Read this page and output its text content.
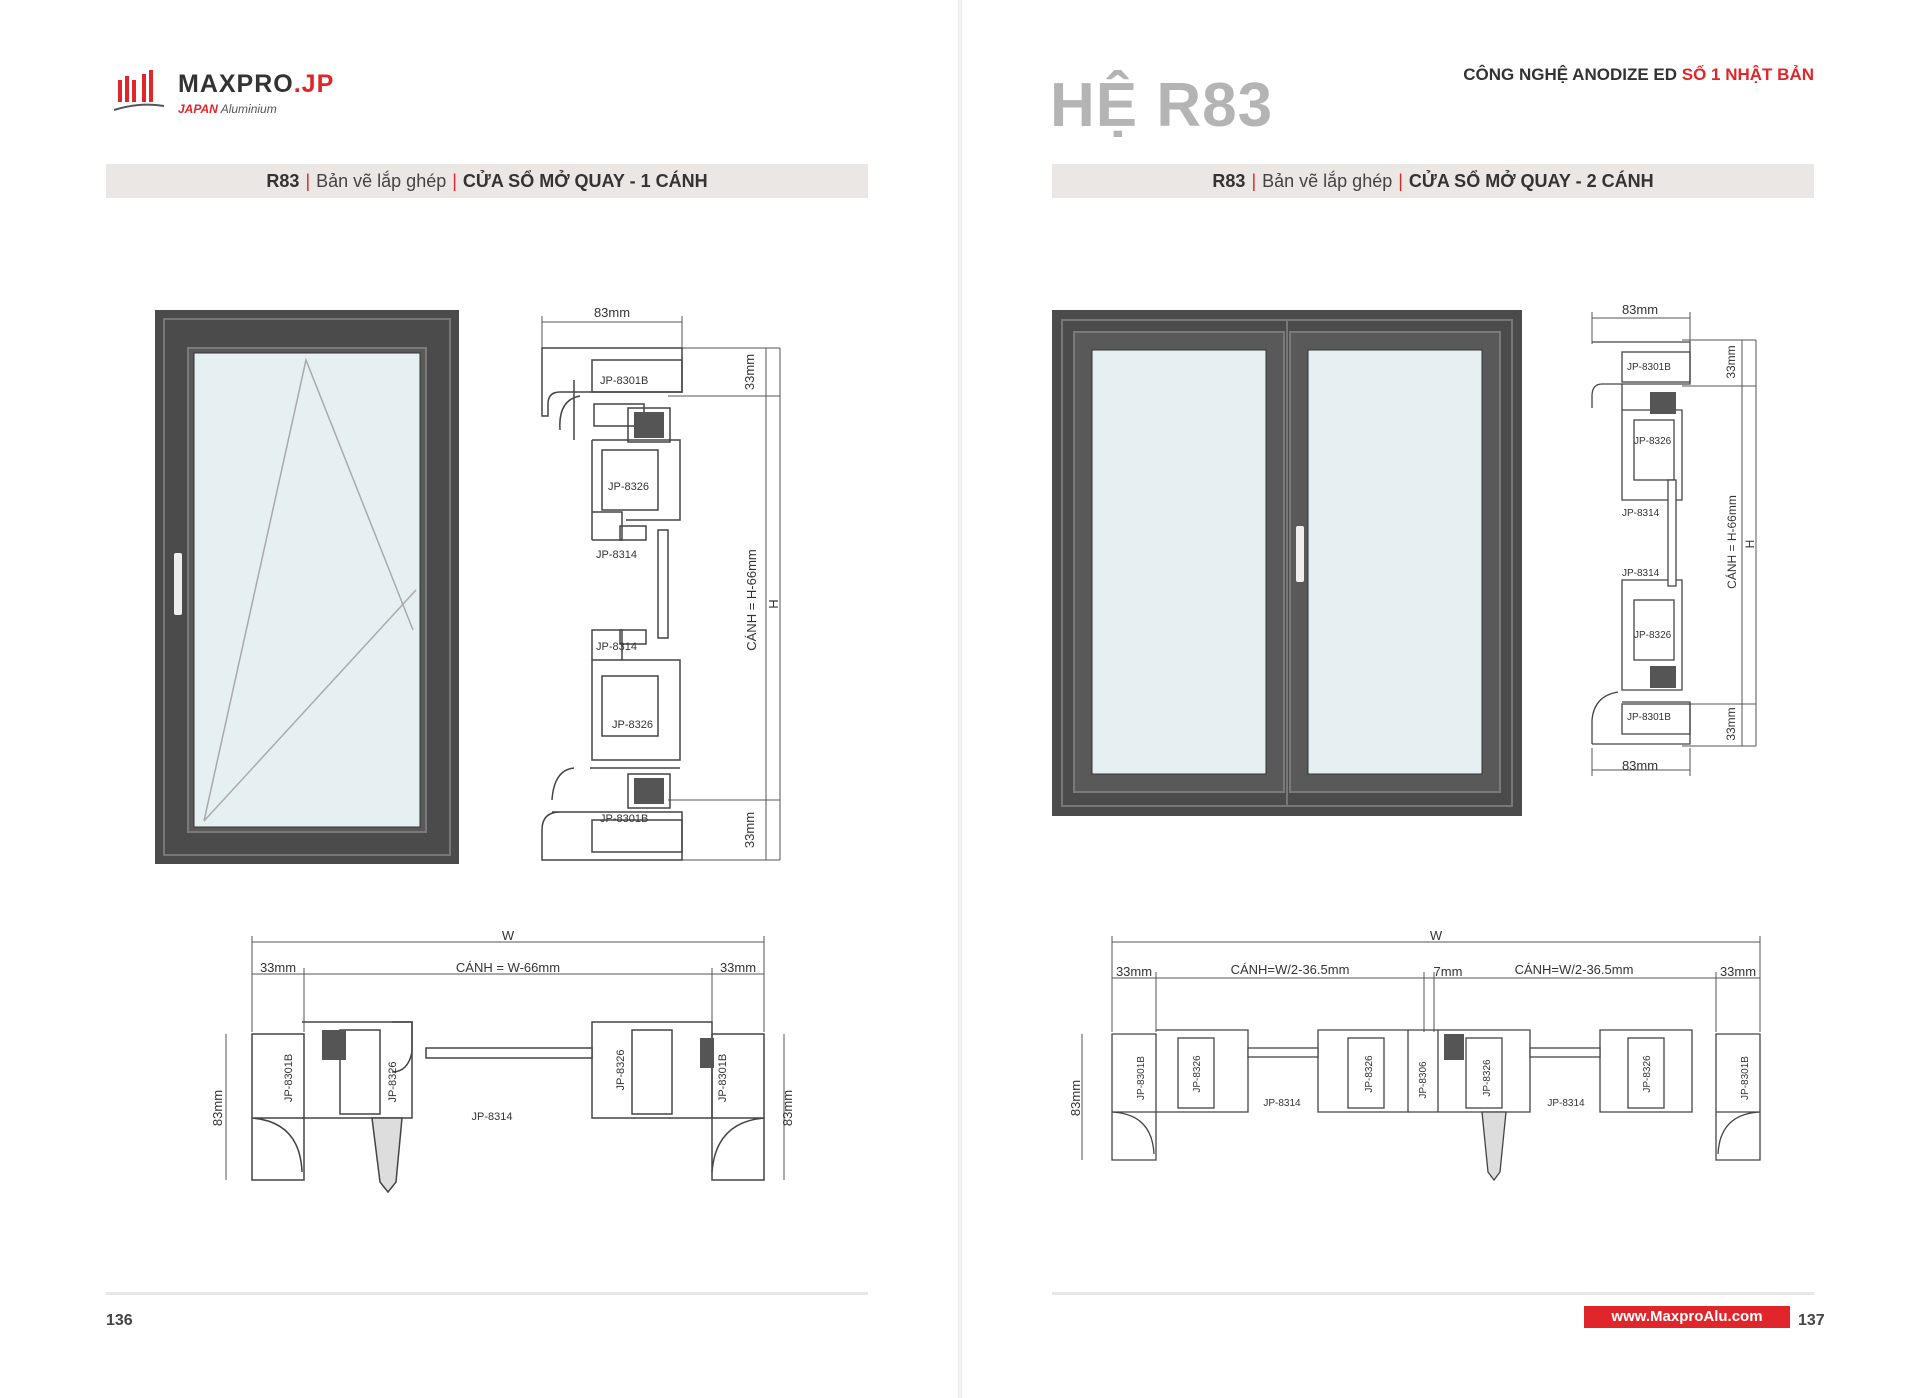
MAXPRO.JP
JAPAN Aluminium
R83 | Bản vẽ lắp ghép | CỬA SỔ MỞ QUAY - 1 CÁNH
83mm
33mm
33mm
CÁNH = H-66mm H
JP-8301B
JP-8326
JP-8314
JP-8314
JP-8326
JP-8301B
W
33mm	CÁNH = W-66mm	33mm
83mm	83mm
JP-8301B	JP-8326
JP-8314
JP-8326	JP-8301B
136
HỆ R83	CÔNG NGHỆ ANODIZE ED SỐ 1 NHẬT BẢN
R83 | Bản vẽ lắp ghép | CỬA SỔ MỞ QUAY - 2 CÁNH
83mm
83mm
33mm
33mm
CÁNH = H-66mm H
JP-8301B
JP-8326
JP-8314
JP-8314
JP-8326
JP-8301B
W
33mm	CÁNH=W/2-36.5mm	7mm	CÁNH=W/2-36.5mm	33mm
83mm	JP-8301B	JP-8326
JP-8314
JP-8326	JP-8306	JP-8326
JP-8314
JP-8326	JP-8301B
www.MaxproAlu.com	137
